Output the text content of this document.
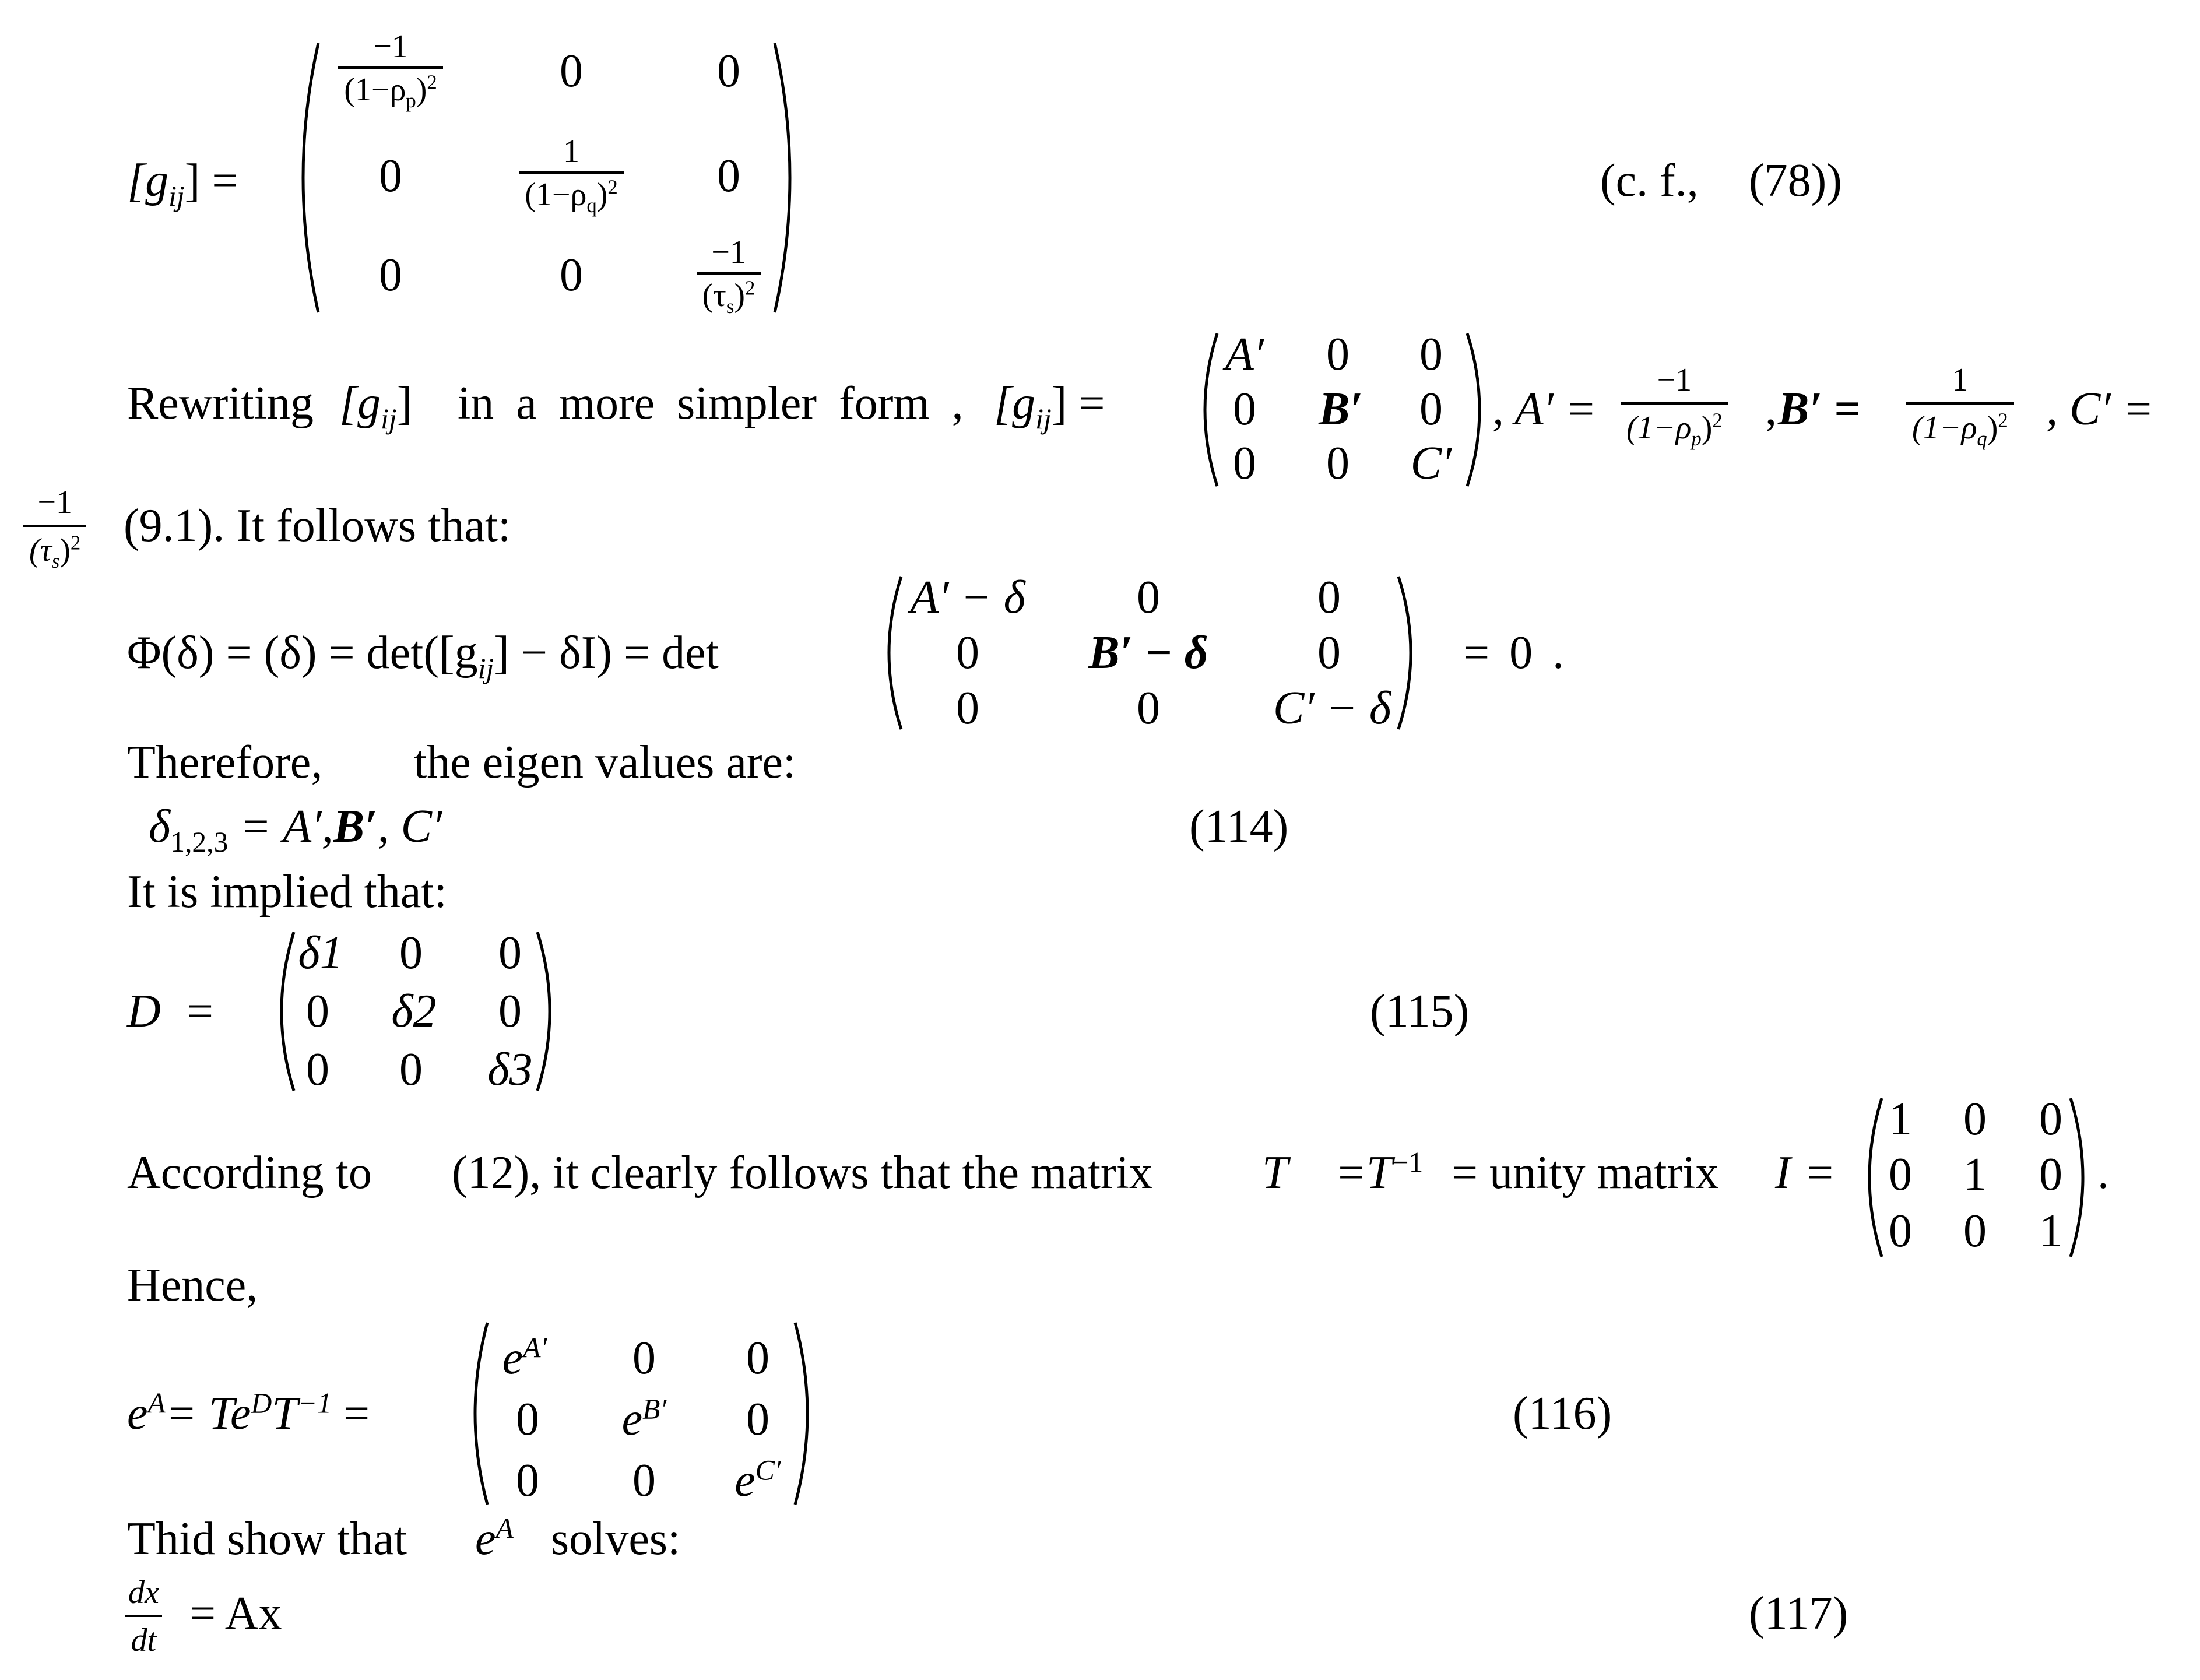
$[g_{ij}]$ =
$\frac{-1}{(1-\rho_p)^2}$	0	0
0	$\frac{1}{(1-\rho_q)^2}$	0
0	0	$\frac{-1}{(\tau_s)^2}$
(c. f., (78))
Rewriting $[g_{ij}]$ in a more simpler form , $[g_{ij}]$ =
A′	0	0
0	B′	0
0	0	C′
, $A' = \frac{-1}{(1-\rho_p)^2}$ , $B' = \frac{1}{(1-\rho_q)^2}$ , C′ =
$\frac{-1}{(\tau_s)^2} (9.1)$. It follows that:
$\Phi(\delta) = (\delta) = \det([g_{ij}] - \delta I) = \det$
A′ − δ	0	0
0	B′ − δ	0
0	0	C′ − δ
= 0 .
Therefore, the eigen values are:
$\delta_{1,2,3} = A',B'$, C′	(114)
It is implied that:
D =
δ1 0 0
0 δ2 0
0 0 δ3
(115)
According to (12), it clearly follows that the matrix $T =T^{-1}$ = unity matrix I =
1 0 0
0 1 0
0 0 1
.
Hence,
$e^A= Te^DT^{-1}$ =
$e^{A'}$	0 0
0	$e^{B'}$	0
0 0	$e^{C'}$
(116)
Thid show that $e^A$ solves:
$\frac{dx}{dt} = Ax$	(117)
